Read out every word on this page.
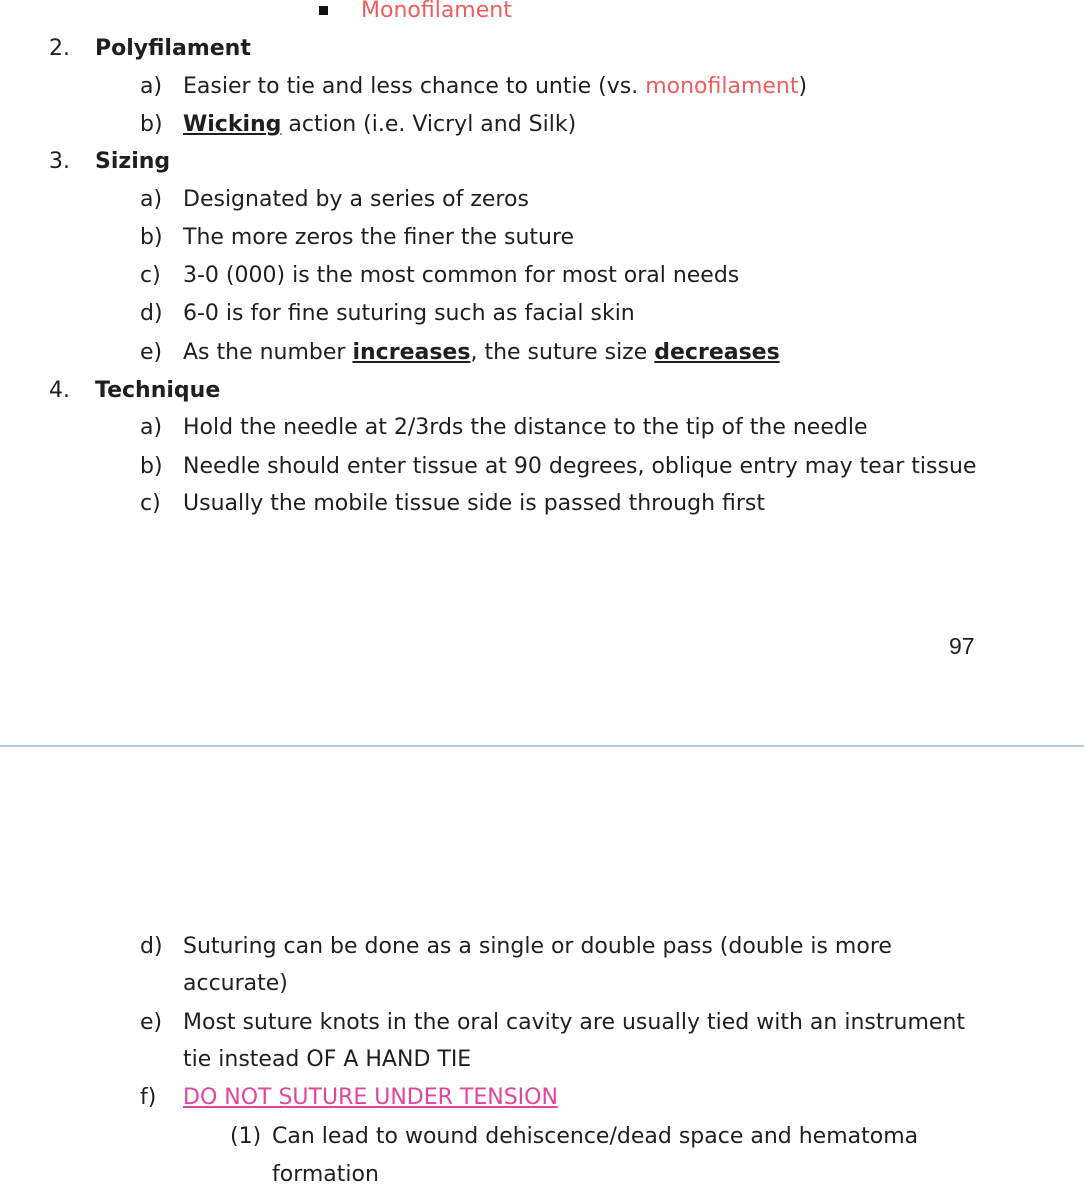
Monofilament
2. Polyfilament
a) Easier to tie and less chance to untie (vs. monofilament)
b) Wicking action (i.e. Vicryl and Silk)
3. Sizing
a) Designated by a series of zeros
b) The more zeros the finer the suture
c) 3-0 (000) is the most common for most oral needs
d) 6-0 is for fine suturing such as facial skin
e) As the number increases, the suture size decreases
4. Technique
a) Hold the needle at 2/3rds the distance to the tip of the needle
b) Needle should enter tissue at 90 degrees, oblique entry may tear tissue
c) Usually the mobile tissue side is passed through first
97
d) Suturing can be done as a single or double pass (double is more
accurate)
e) Most suture knots in the oral cavity are usually tied with an instrument
tie instead OF A HAND TIE
f) DO NOT SUTURE UNDER TENSION
(1) Can lead to wound dehiscence/dead space and hematoma
formation
